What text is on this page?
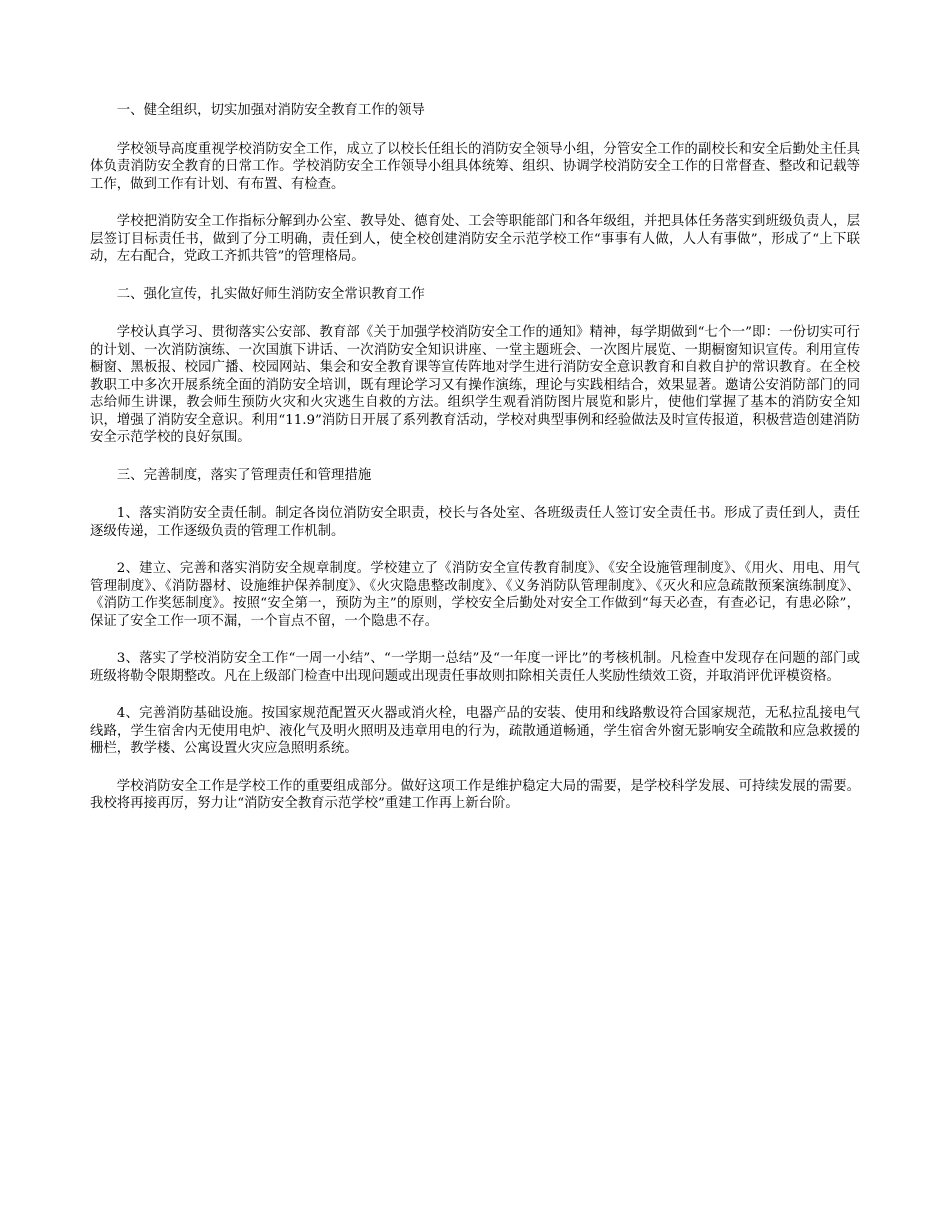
一、健全组织，切实加强对消防安全教育工作的领导

学校领导高度重视学校消防安全工作，成立了以校长任组长的消防安全领导小组，分管安全工作的副校长和安全后勤处主任具体负责消防安全教育的日常工作。学校消防安全工作领导小组具体统筹、组织、协调学校消防安全工作的日常督查、整改和记载等工作，做到工作有计划、有布置、有检查。

学校把消防安全工作指标分解到办公室、教导处、德育处、工会等职能部门和各年级组，并把具体任务落实到班级负责人，层层签订目标责任书，做到了分工明确，责任到人，使全校创建消防安全示范学校工作“事事有人做，人人有事做”，形成了“上下联动，左右配合，党政工齐抓共管”的管理格局。

二、强化宣传，扎实做好师生消防安全常识教育工作

学校认真学习、贯彻落实公安部、教育部《关于加强学校消防安全工作的通知》精神，每学期做到“七个一”即：一份切实可行的计划、一次消防演练、一次国旗下讲话、一次消防安全知识讲座、一堂主题班会、一次图片展览、一期橱窗知识宣传。利用宣传橱窗、黑板报、校园广播、校园网站、集会和安全教育课等宣传阵地对学生进行消防安全意识教育和自救自护的常识教育。在全校教职工中多次开展系统全面的消防安全培训，既有理论学习又有操作演练，理论与实践相结合，效果显著。邀请公安消防部门的同志给师生讲课，教会师生预防火灾和火灾逃生自救的方法。组织学生观看消防图片展览和影片，使他们掌握了基本的消防安全知识，增强了消防安全意识。利用“11.9”消防日开展了系列教育活动，学校对典型事例和经验做法及时宣传报道，积极营造创建消防安全示范学校的良好氛围。

三、完善制度，落实了管理责任和管理措施

1、落实消防安全责任制。制定各岗位消防安全职责，校长与各处室、各班级责任人签订安全责任书。形成了责任到人，责任逐级传递，工作逐级负责的管理工作机制。

2、建立、完善和落实消防安全规章制度。学校建立了《消防安全宣传教育制度》、《安全设施管理制度》、《用火、用电、用气管理制度》、《消防器材、设施维护保养制度》、《火灾隐患整改制度》、《义务消防队管理制度》、《灭火和应急疏散预案演练制度》、《消防工作奖惩制度》。按照“安全第一，预防为主”的原则，学校安全后勤处对安全工作做到“每天必查，有查必记，有患必除”，保证了安全工作一项不漏，一个盲点不留，一个隐患不存。

3、落实了学校消防安全工作“一周一小结”、“一学期一总结”及“一年度一评比”的考核机制。凡检查中发现存在问题的部门或班级将勒令限期整改。凡在上级部门检查中出现问题或出现责任事故则扣除相关责任人奖励性绩效工资，并取消评优评模资格。

4、完善消防基础设施。按国家规范配置灭火器或消火栓，电器产品的安装、使用和线路敷设符合国家规范，无私拉乱接电气线路，学生宿舍内无使用电炉、液化气及明火照明及违章用电的行为，疏散通道畅通，学生宿舍外窗无影响安全疏散和应急救援的栅栏，教学楼、公寓设置火灾应急照明系统。

学校消防安全工作是学校工作的重要组成部分。做好这项工作是维护稳定大局的需要，是学校科学发展、可持续发展的需要。我校将再接再厉，努力让“消防安全教育示范学校”重建工作再上新台阶。
